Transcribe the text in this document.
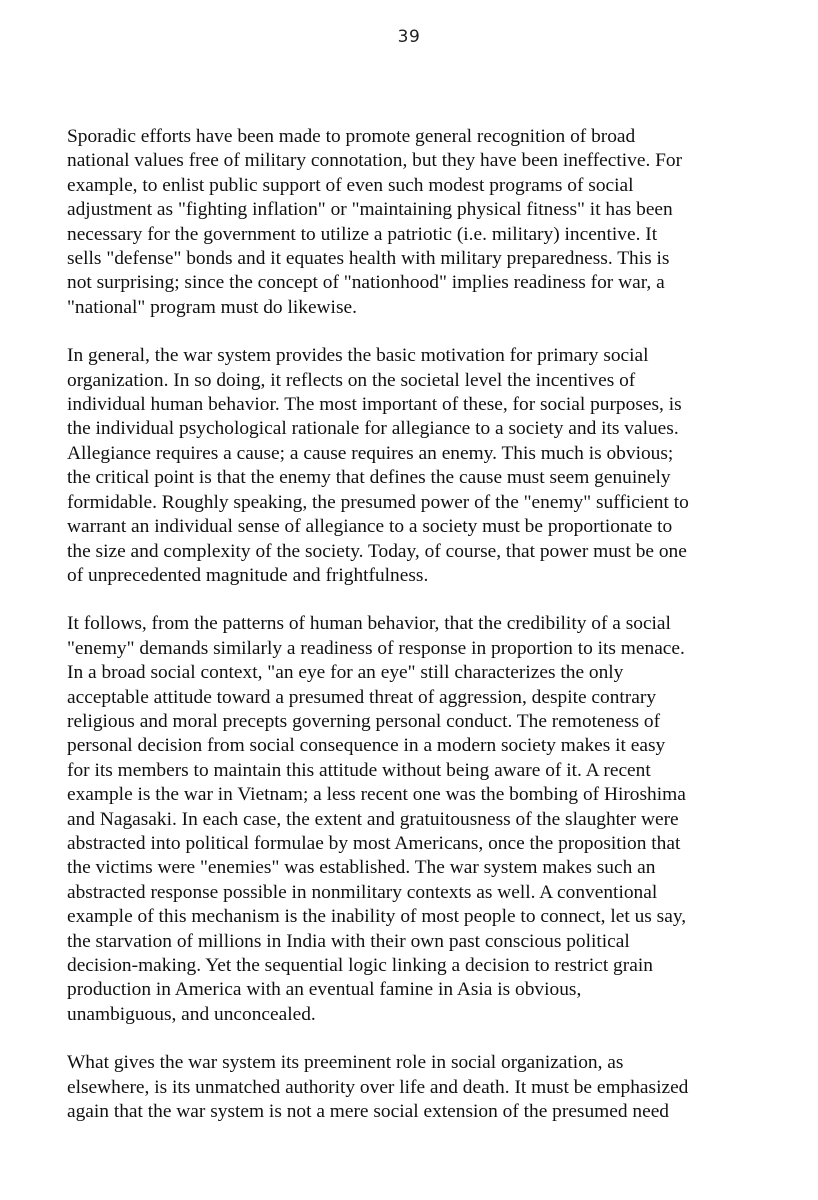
39

Sporadic efforts have been made to promote general recognition of broad
national values free of military connotation, but they have been ineffective. For
example, to enlist public support of even such modest programs of social
adjustment as "fighting inflation" or "maintaining physical fitness" it has been
necessary for the government to utilize a patriotic (i.e. military) incentive. It
sells "defense" bonds and it equates health with military preparedness. This is
not surprising; since the concept of "nationhood" implies readiness for war, a
"national" program must do likewise.

In general, the war system provides the basic motivation for primary social
organization. In so doing, it reflects on the societal level the incentives of
individual human behavior. The most important of these, for social purposes, is
the individual psychological rationale for allegiance to a society and its values.
Allegiance requires a cause; a cause requires an enemy. This much is obvious;
the critical point is that the enemy that defines the cause must seem genuinely
formidable. Roughly speaking, the presumed power of the "enemy" sufficient to
warrant an individual sense of allegiance to a society must be proportionate to
the size and complexity of the society. Today, of course, that power must be one
of unprecedented magnitude and frightfulness.

It follows, from the patterns of human behavior, that the credibility of a social
"enemy" demands similarly a readiness of response in proportion to its menace.
In a broad social context, "an eye for an eye" still characterizes the only
acceptable attitude toward a presumed threat of aggression, despite contrary
religious and moral precepts governing personal conduct. The remoteness of
personal decision from social consequence in a modern society makes it easy
for its members to maintain this attitude without being aware of it. A recent
example is the war in Vietnam; a less recent one was the bombing of Hiroshima
and Nagasaki. In each case, the extent and gratuitousness of the slaughter were
abstracted into political formulae by most Americans, once the proposition that
the victims were "enemies" was established. The war system makes such an
abstracted response possible in nonmilitary contexts as well. A conventional
example of this mechanism is the inability of most people to connect, let us say,
the starvation of millions in India with their own past conscious political
decision-making. Yet the sequential logic linking a decision to restrict grain
production in America with an eventual famine in Asia is obvious,
unambiguous, and unconcealed.

What gives the war system its preeminent role in social organization, as
elsewhere, is its unmatched authority over life and death. It must be emphasized
again that the war system is not a mere social extension of the presumed need
